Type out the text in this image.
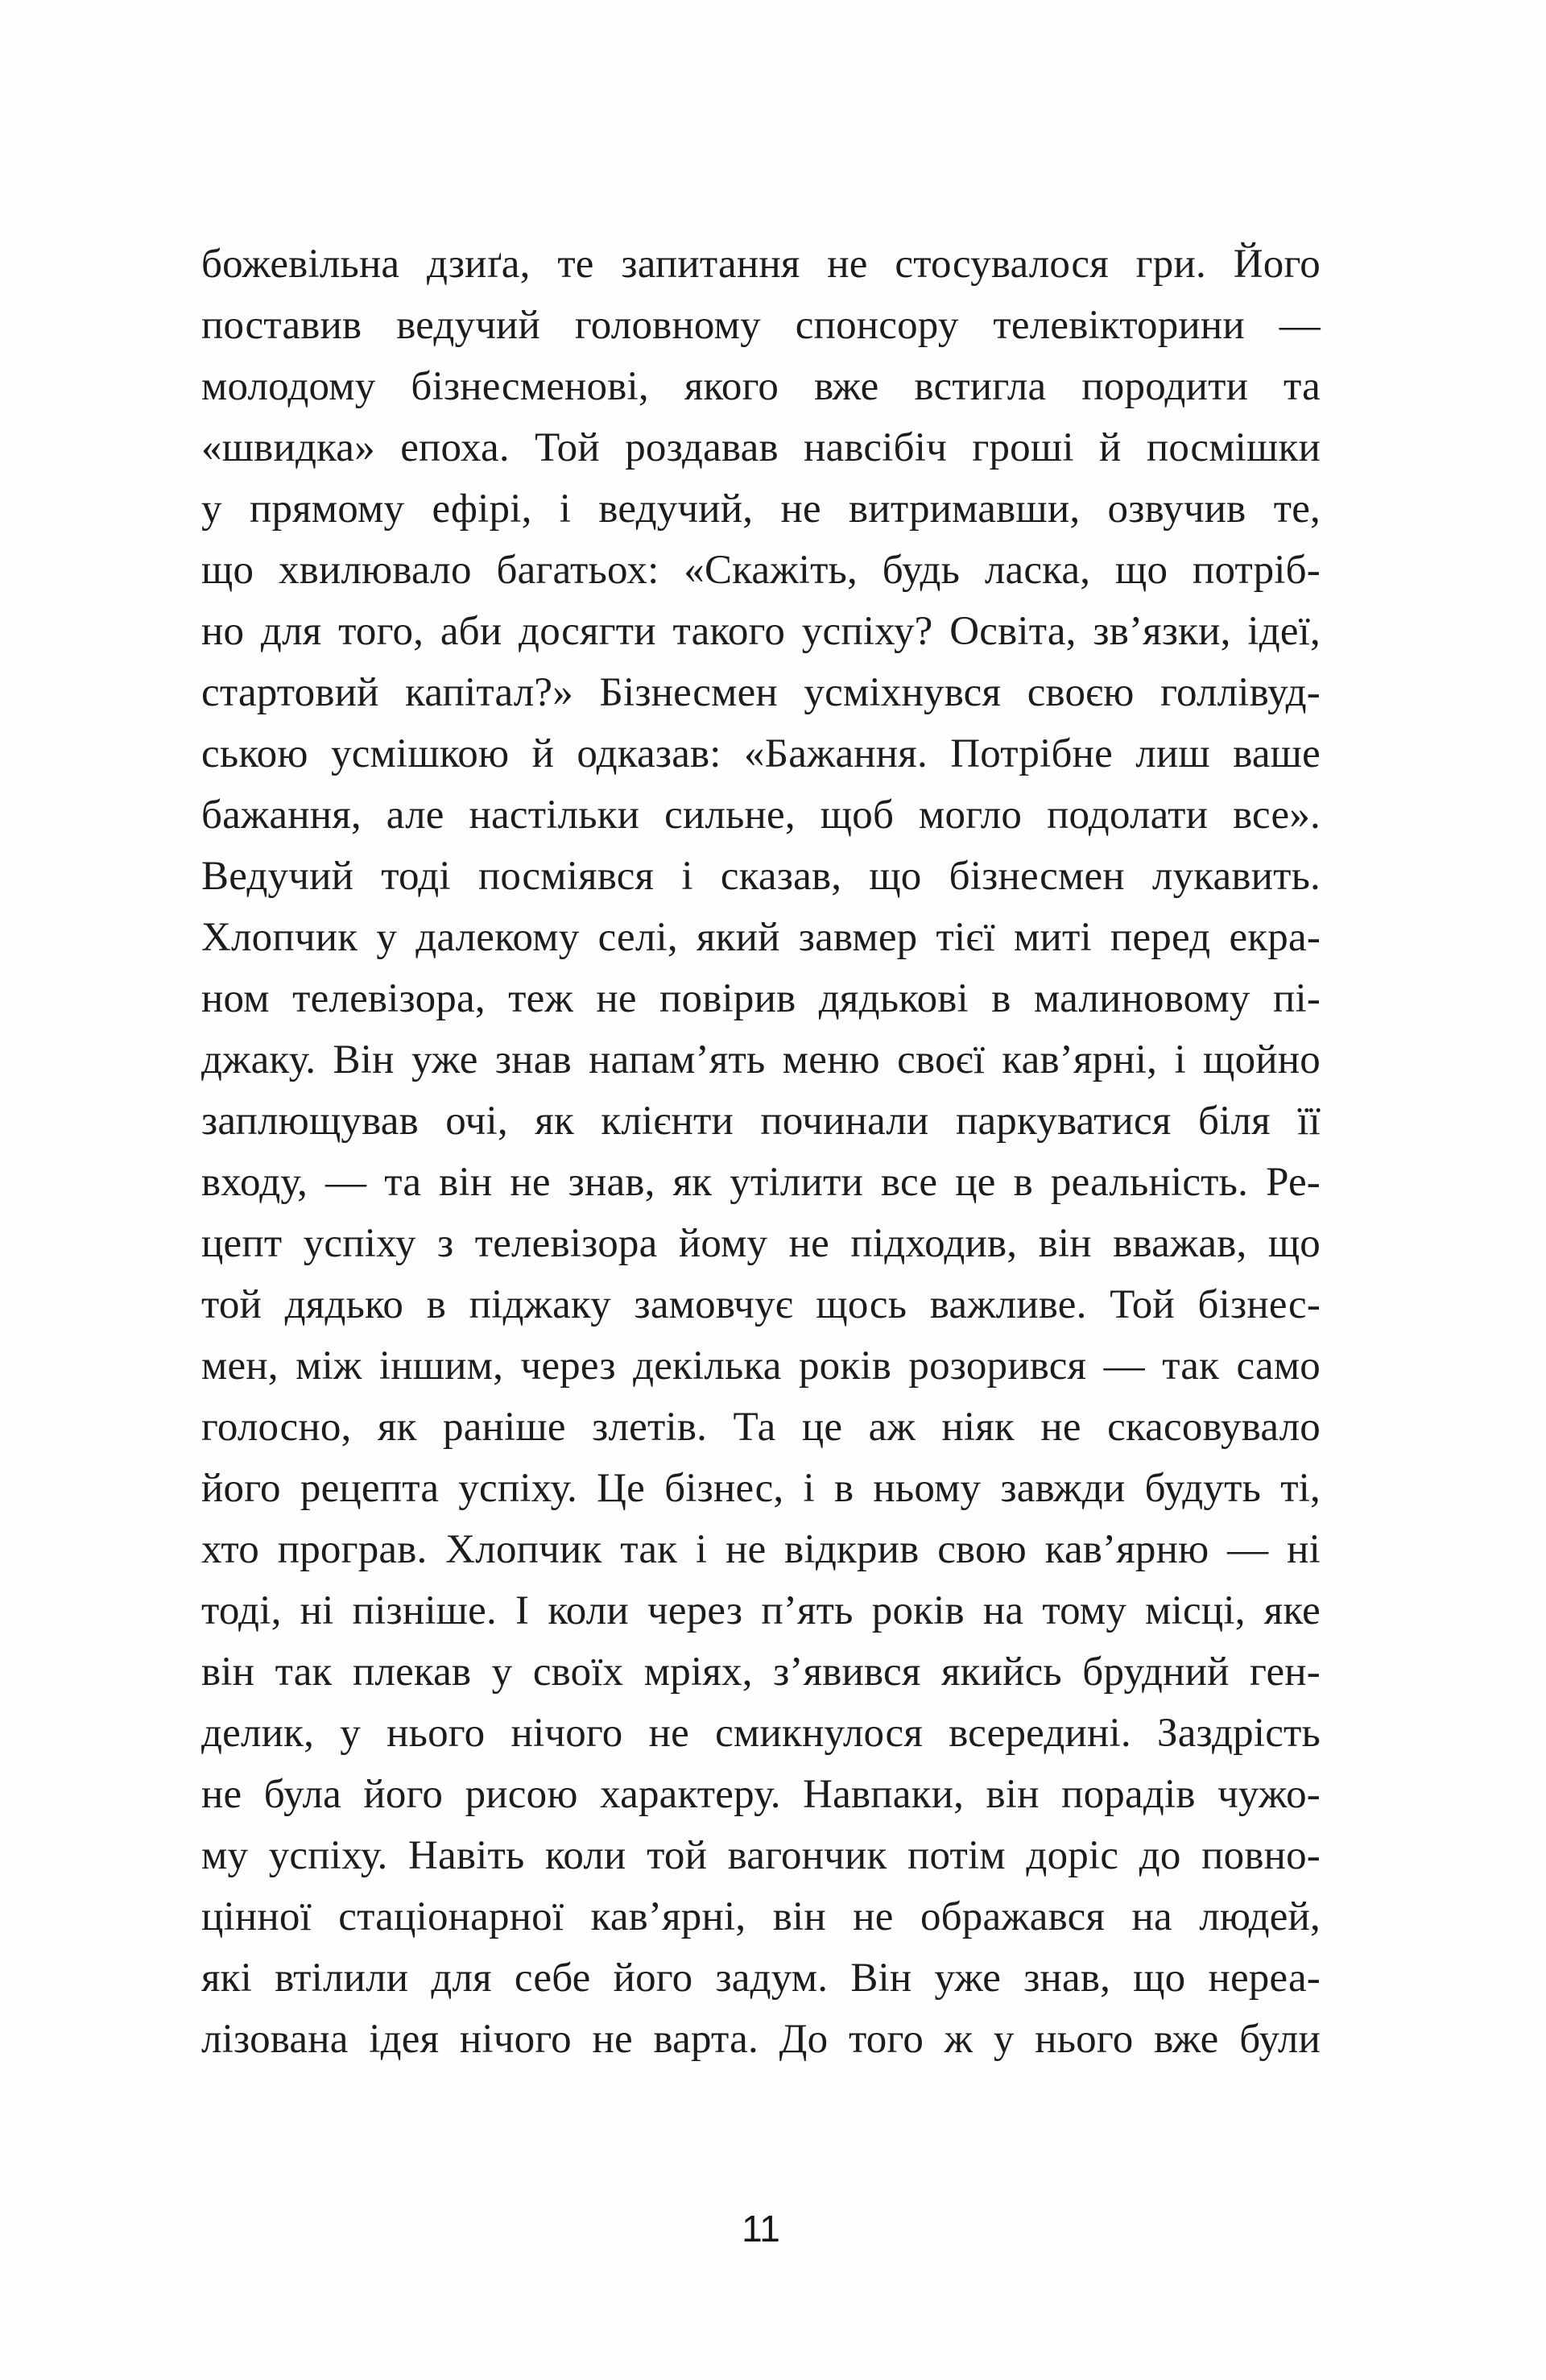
божевільна дзиґа, те запитання не стосувалося гри. Його
поставив ведучий головному спонсору телевікторини —
молодому бізнесменові, якого вже встигла породити та
«швидка» епоха. Той роздавав навсібіч гроші й посмішки
у прямому ефірі, і ведучий, не витримавши, озвучив те,
що хвилювало багатьох: «Скажіть, будь ласка, що потріб-
но для того, аби досягти такого успіху? Освіта, зв’язки, ідеї,
стартовий капітал?» Бізнесмен усміхнувся своєю голлівуд-
ською усмішкою й одказав: «Бажання. Потрібне лиш ваше
бажання, але настільки сильне, щоб могло подолати все».
Ведучий тоді посміявся і сказав, що бізнесмен лукавить.
Хлопчик у далекому селі, який завмер тієї миті перед екра-
ном телевізора, теж не повірив дядькові в малиновому пі-
джаку. Він уже знав напам’ять меню своєї кав’ярні, і щойно
заплющував очі, як клієнти починали паркуватися біля її
входу, — та він не знав, як утілити все це в реальність. Ре-
цепт успіху з телевізора йому не підходив, він вважав, що
той дядько в піджаку замовчує щось важливе. Той бізнес-
мен, між іншим, через декілька років розорився — так само
голосно, як раніше злетів. Та це аж ніяк не скасовувало
його рецепта успіху. Це бізнес, і в ньому завжди будуть ті,
хто програв. Хлопчик так і не відкрив свою кав’ярню — ні
тоді, ні пізніше. І коли через п’ять років на тому місці, яке
він так плекав у своїх мріях, з’явився якийсь брудний ген-
делик, у нього нічого не смикнулося всередині. Заздрість
не була його рисою характеру. Навпаки, він порадів чужо-
му успіху. Навіть коли той вагончик потім доріс до повно-
цінної стаціонарної кав’ярні, він не ображався на людей,
які втілили для себе його задум. Він уже знав, що нереа-
лізована ідея нічого не варта. До того ж у нього вже були
11
